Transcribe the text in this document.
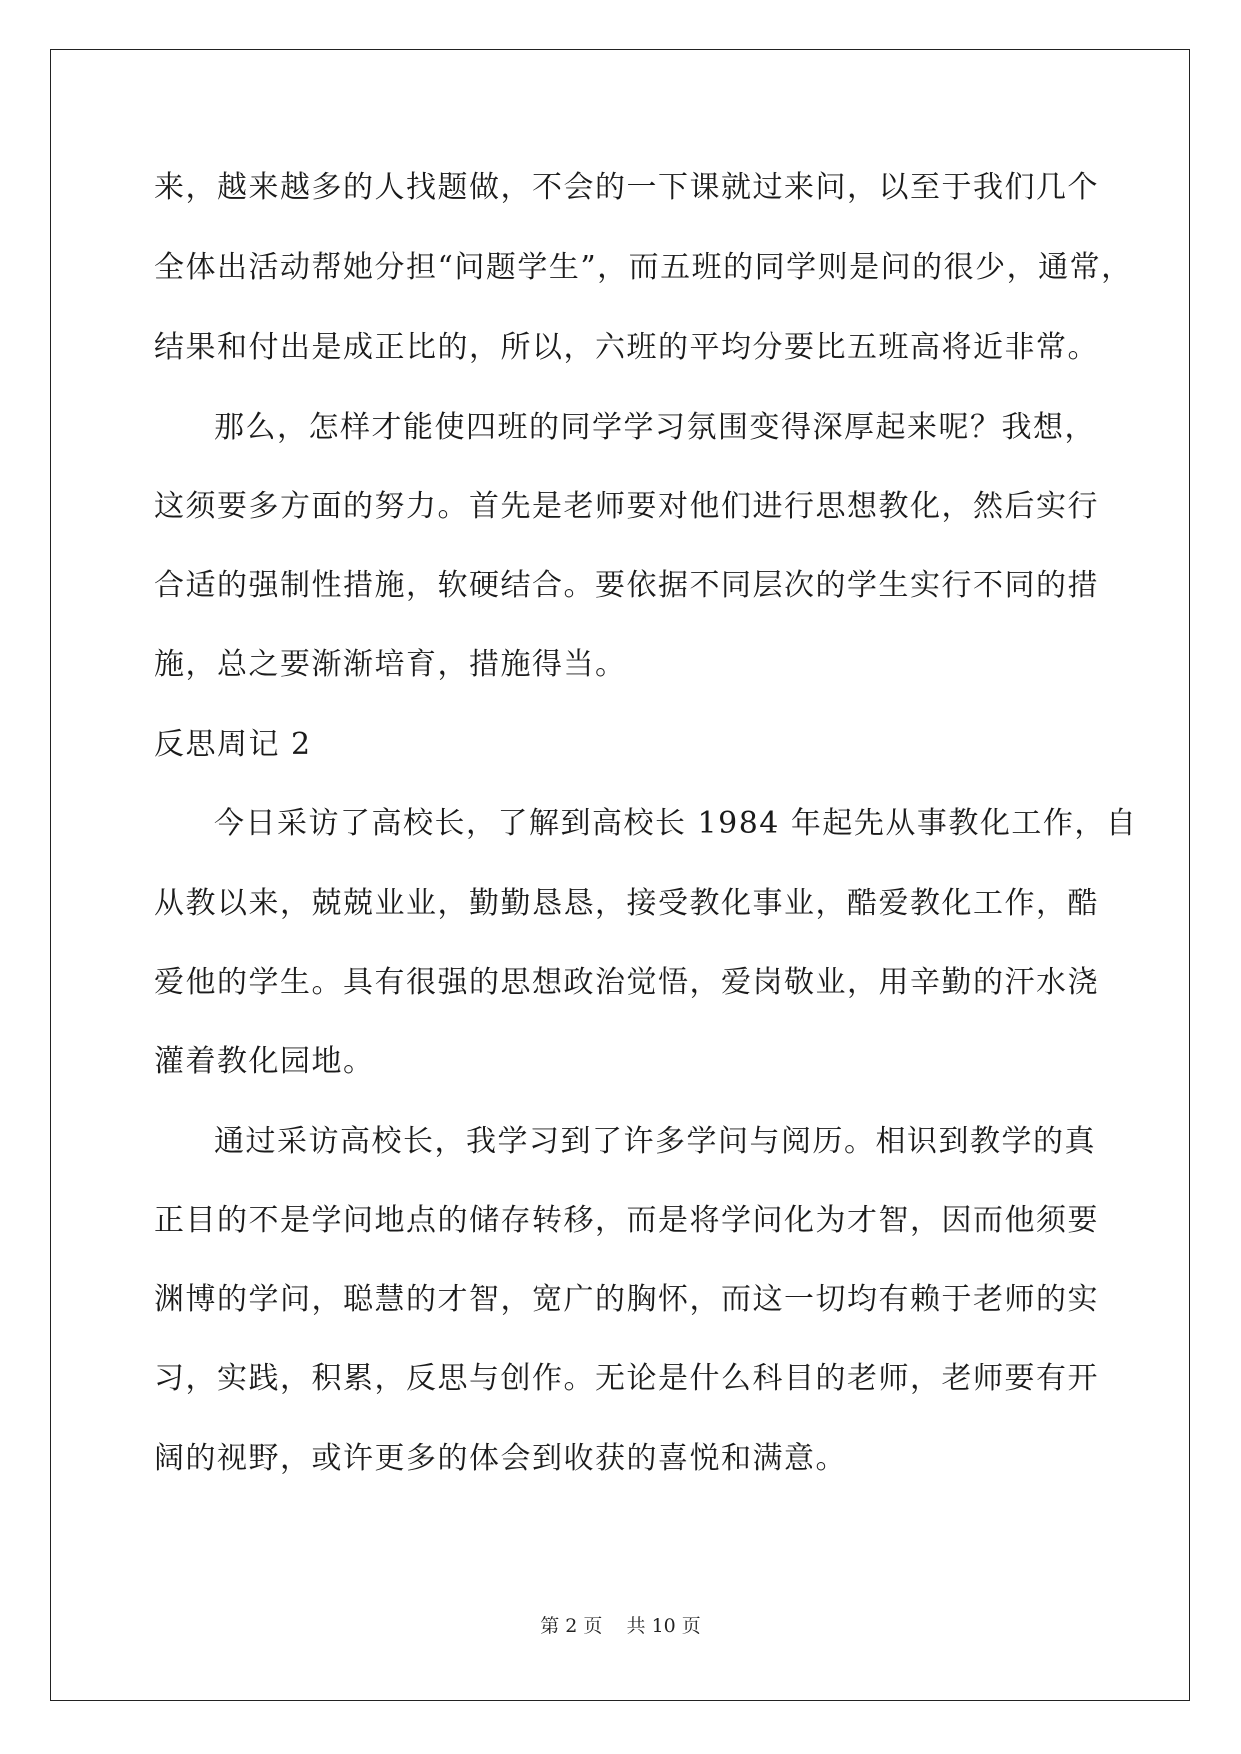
来，越来越多的人找题做，不会的一下课就过来问，以至于我们几个
全体出活动帮她分担“问题学生”，而五班的同学则是问的很少，通常，
结果和付出是成正比的，所以，六班的平均分要比五班高将近非常。
那么，怎样才能使四班的同学学习氛围变得深厚起来呢？我想，
这须要多方面的努力。首先是老师要对他们进行思想教化，然后实行
合适的强制性措施，软硬结合。要依据不同层次的学生实行不同的措
施，总之要渐渐培育，措施得当。
反思周记 2
今日采访了高校长，了解到高校长 1984 年起先从事教化工作，自
从教以来，兢兢业业，勤勤恳恳，接受教化事业，酷爱教化工作，酷
爱他的学生。具有很强的思想政治觉悟，爱岗敬业，用辛勤的汗水浇
灌着教化园地。
通过采访高校长，我学习到了许多学问与阅历。相识到教学的真
正目的不是学问地点的储存转移，而是将学问化为才智，因而他须要
渊博的学问，聪慧的才智，宽广的胸怀，而这一切均有赖于老师的实
习，实践，积累，反思与创作。无论是什么科目的老师，老师要有开
阔的视野，或许更多的体会到收获的喜悦和满意。
第 2 页 共 10 页
